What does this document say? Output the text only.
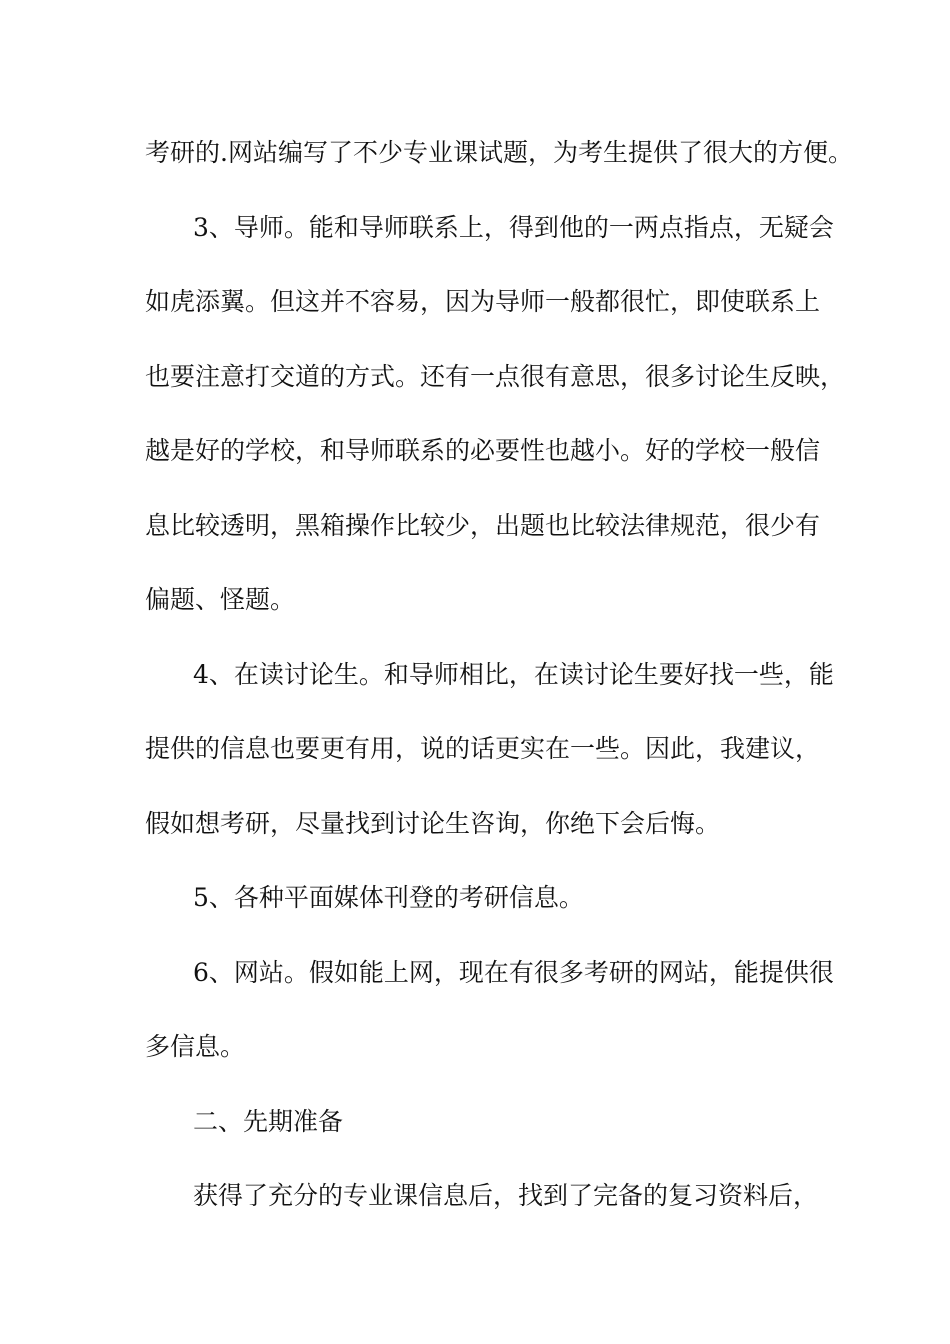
考研的.网站编写了不少专业课试题，为考生提供了很大的方便。

3、导师。能和导师联系上，得到他的一两点指点，无疑会

如虎添翼。但这并不容易，因为导师一般都很忙，即使联系上

也要注意打交道的方式。还有一点很有意思，很多讨论生反映，

越是好的学校，和导师联系的必要性也越小。好的学校一般信

息比较透明，黑箱操作比较少，出题也比较法律规范，很少有

偏题、怪题。

4、在读讨论生。和导师相比，在读讨论生要好找一些，能

提供的信息也要更有用，说的话更实在一些。因此，我建议，

假如想考研，尽量找到讨论生咨询，你绝下会后悔。

5、各种平面媒体刊登的考研信息。

6、网站。假如能上网，现在有很多考研的网站，能提供很

多信息。

二、先期准备

获得了充分的专业课信息后，找到了完备的复习资料后，
